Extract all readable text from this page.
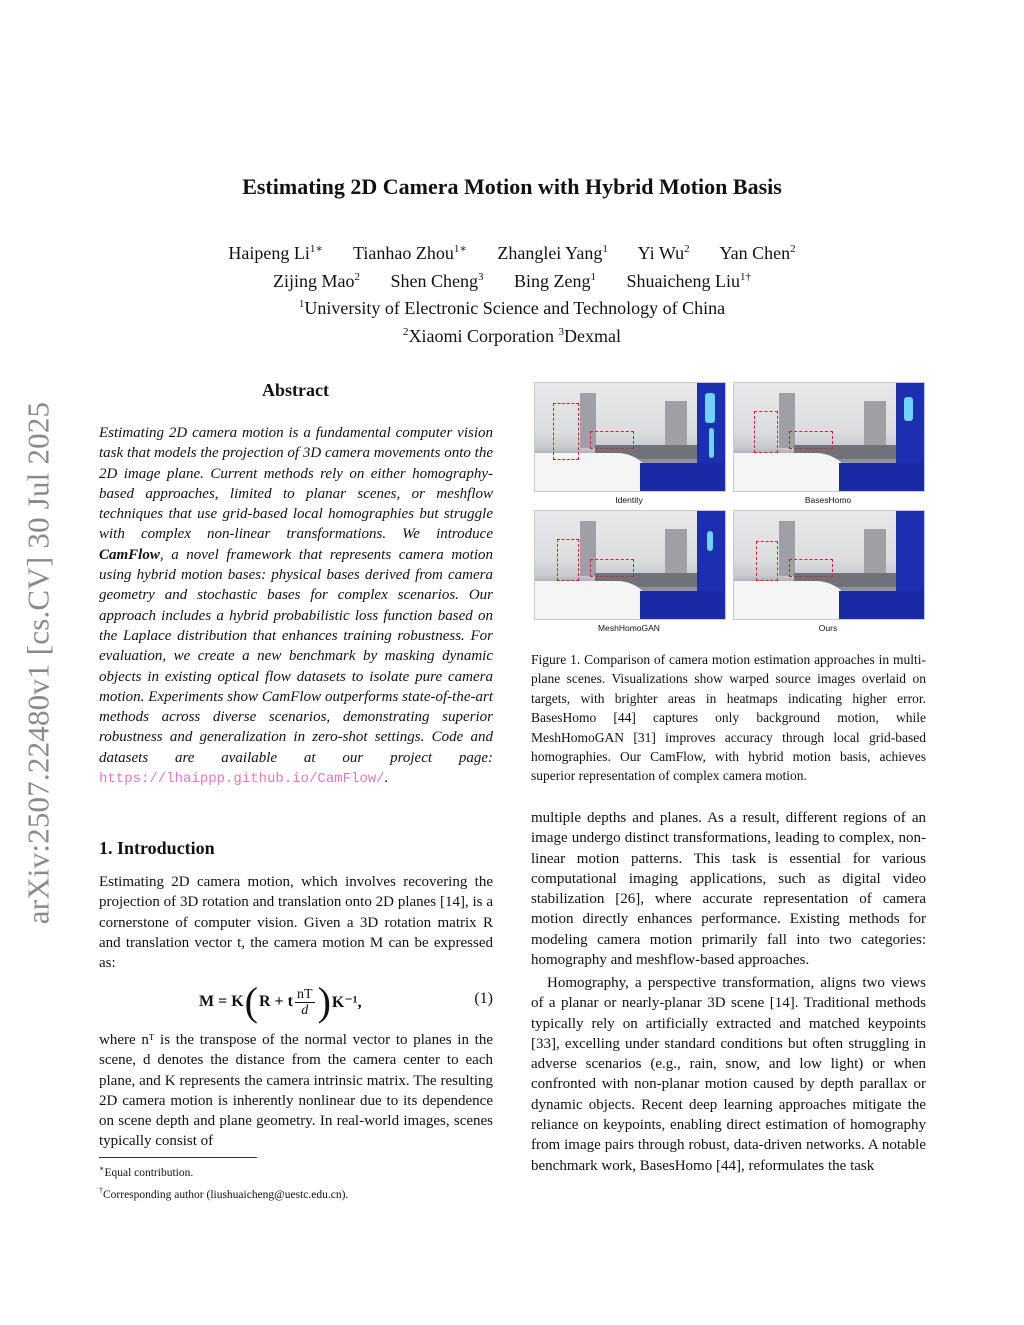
arXiv:2507.22480v1 [cs.CV] 30 Jul 2025
Estimating 2D Camera Motion with Hybrid Motion Basis
Haipeng $Li^{1∗}$ Tianhao Zhou$^{1∗}$ Zhanglei Yang$^1$ Yi Wu$^2$ Yan Chen$^2$
Zijing Mao$^2$ Shen Cheng$^3$ Bing Zeng$^1$ Shuaicheng Liu$^{1\dagger}$
$^1$University of Electronic Science and Technology of China
$^2$Xiaomi Corporation $^3$Dexmal
Abstract
Estimating 2D camera motion is a fundamental computer vision task that models the projection of 3D camera movements onto the 2D image plane. Current methods rely on either homography-based approaches, limited to planar scenes, or meshflow techniques that use grid-based local homographies but struggle with complex non-linear transformations. We introduce CamFlow, a novel framework that represents camera motion using hybrid motion bases: physical bases derived from camera geometry and stochastic bases for complex scenarios. Our approach includes a hybrid probabilistic loss function based on the Laplace distribution that enhances training robustness. For evaluation, we create a new benchmark by masking dynamic objects in existing optical flow datasets to isolate pure camera motion. Experiments show CamFlow outperforms state-of-the-art methods across diverse scenarios, demonstrating superior robustness and generalization in zero-shot settings. Code and datasets are available at our project page: https://lhaippp.github.io/CamFlow/.
1. Introduction
Estimating 2D camera motion, which involves recovering the projection of 3D rotation and translation onto 2D planes [14], is a cornerstone of computer vision. Given a 3D rotation matrix R and translation vector t, the camera motion M can be expressed as:
M = K ( R + t $\frac{nT}{d}$ ) K⁻¹,	(1)
where nᵀ is the transpose of the normal vector to planes in the scene, d denotes the distance from the camera center to each plane, and K represents the camera intrinsic matrix. The resulting 2D camera motion is inherently nonlinear due to its dependence on scene depth and plane geometry. In real-world images, scenes typically consist of
∗Equal contribution.
†Corresponding author (liushuaicheng@uestc.edu.cn).
Identity	BasesHomo
MeshHomoGAN	Ours
Figure 1. Comparison of camera motion estimation approaches in multi-plane scenes. Visualizations show warped source images overlaid on targets, with brighter areas in heatmaps indicating higher error. BasesHomo [44] captures only background motion, while MeshHomoGAN [31] improves accuracy through local grid-based homographies. Our CamFlow, with hybrid motion basis, achieves superior representation of complex camera motion.
multiple depths and planes. As a result, different regions of an image undergo distinct transformations, leading to complex, non-linear motion patterns. This task is essential for various computational imaging applications, such as digital video stabilization [26], where accurate representation of camera motion directly enhances performance. Existing methods for modeling camera motion primarily fall into two categories: homography and meshflow-based approaches.
Homography, a perspective transformation, aligns two views of a planar or nearly-planar 3D scene [14]. Traditional methods typically rely on artificially extracted and matched keypoints [33], excelling under standard conditions but often struggling in adverse scenarios (e.g., rain, snow, and low light) or when confronted with non-planar motion caused by depth parallax or dynamic objects. Recent deep learning approaches mitigate the reliance on keypoints, enabling direct estimation of homography from image pairs through robust, data-driven networks. A notable benchmark work, BasesHomo [44], reformulates the task
